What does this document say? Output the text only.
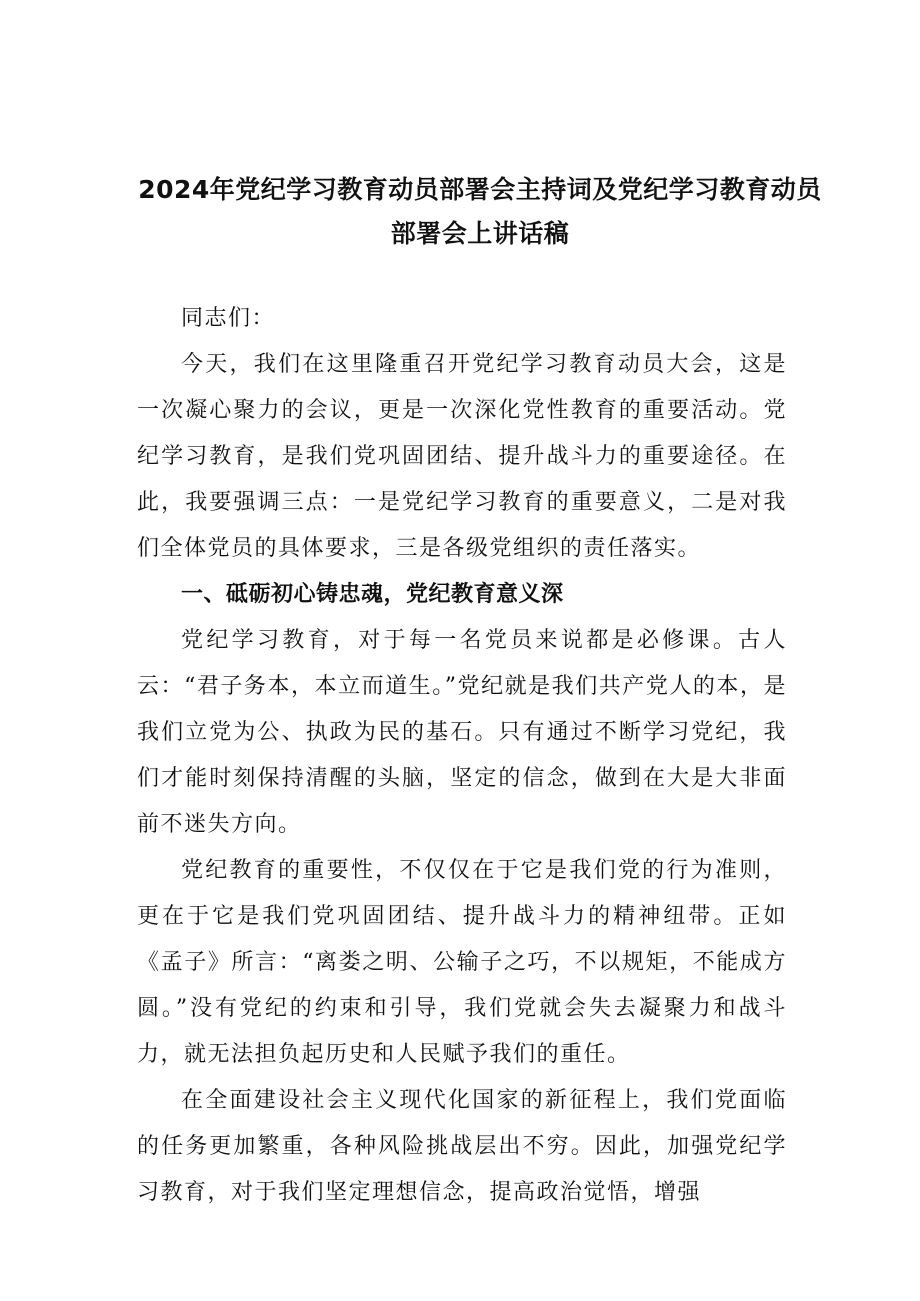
2024年党纪学习教育动员部署会主持词及党纪学习教育动员
部署会上讲话稿

同志们：

今天，我们在这里隆重召开党纪学习教育动员大会，这是一次凝心聚力的会议，更是一次深化党性教育的重要活动。党纪学习教育，是我们党巩固团结、提升战斗力的重要途径。在此，我要强调三点：一是党纪学习教育的重要意义，二是对我们全体党员的具体要求，三是各级党组织的责任落实。

一、砥砺初心铸忠魂，党纪教育意义深

党纪学习教育，对于每一名党员来说都是必修课。古人云：“君子务本，本立而道生。”党纪就是我们共产党人的本，是我们立党为公、执政为民的基石。只有通过不断学习党纪，我们才能时刻保持清醒的头脑，坚定的信念，做到在大是大非面前不迷失方向。

党纪教育的重要性，不仅仅在于它是我们党的行为准则，更在于它是我们党巩固团结、提升战斗力的精神纽带。正如《孟子》所言：“离娄之明、公输子之巧，不以规矩，不能成方圆。”没有党纪的约束和引导，我们党就会失去凝聚力和战斗力，就无法担负起历史和人民赋予我们的重任。

在全面建设社会主义现代化国家的新征程上，我们党面临的任务更加繁重，各种风险挑战层出不穷。因此，加强党纪学习教育，对于我们坚定理想信念，提高政治觉悟，增强
